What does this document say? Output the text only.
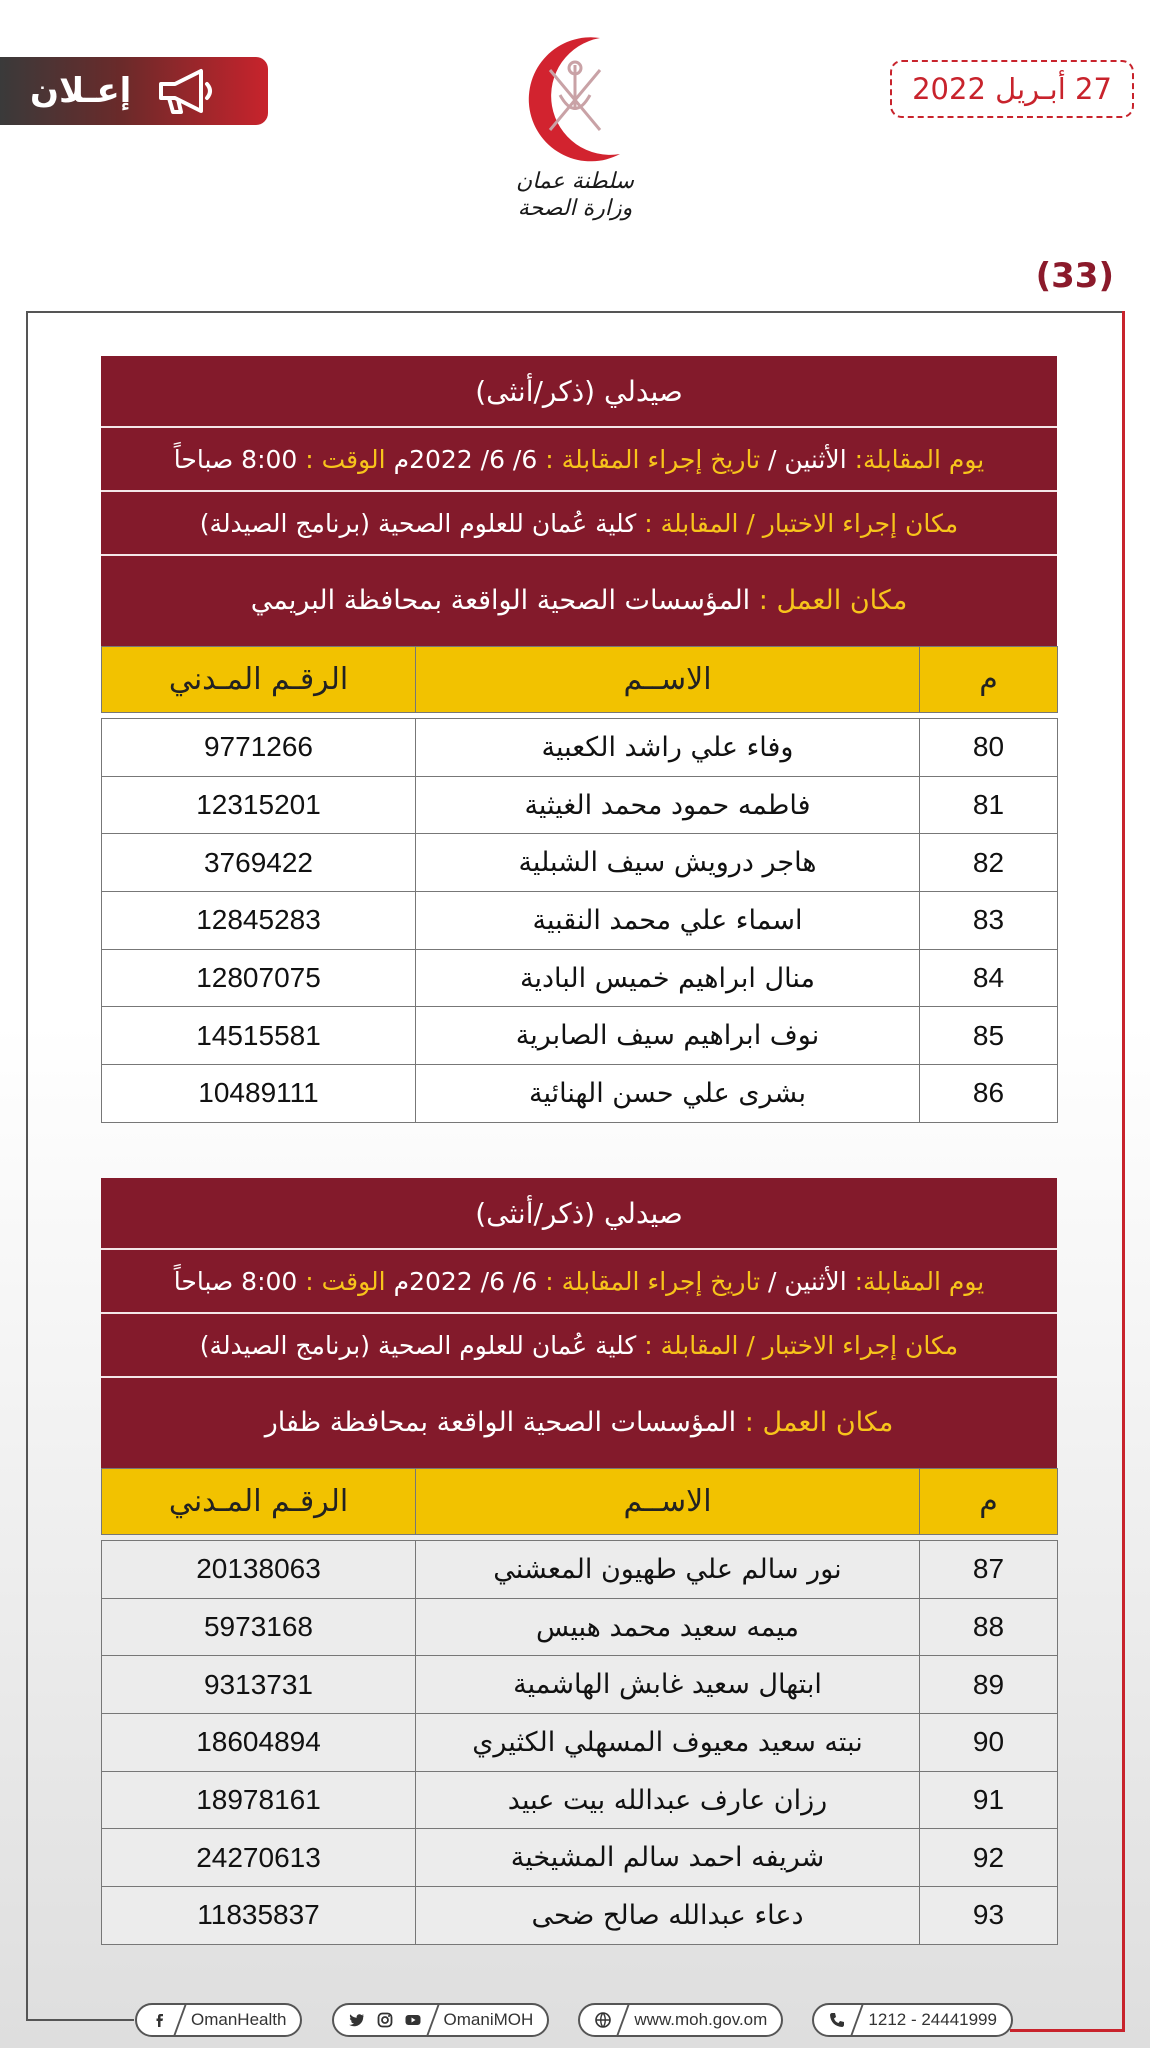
إعـلان	27 أبـريل 2022
سلطنة عمان
وزارة الصحة
(33)
صيدلي (ذكر/أنثى)
يوم المقابلة: الأثنين / تاريخ إجراء المقابلة : 6/ 6/ 2022م الوقت : 8:00 صباحاً
مكان إجراء الاختبار / المقابلة : كلية عُمان للعلوم الصحية (برنامج الصيدلة)
مكان العمل : المؤسسات الصحية الواقعة بمحافظة البريمي
م	الاســم	الرقـم المـدني

80	وفاء علي راشد الكعبية	9771266
81	فاطمه حمود محمد الغيثية	12315201
82	هاجر درويش سيف الشبلية	3769422
83	اسماء علي محمد النقبية	12845283
84	منال ابراهيم خميس البادية	12807075
85	نوف ابراهيم سيف الصابرية	14515581
86	بشرى علي حسن الهنائية	10489111
صيدلي (ذكر/أنثى)
يوم المقابلة: الأثنين / تاريخ إجراء المقابلة : 6/ 6/ 2022م الوقت : 8:00 صباحاً
مكان إجراء الاختبار / المقابلة : كلية عُمان للعلوم الصحية (برنامج الصيدلة)
مكان العمل : المؤسسات الصحية الواقعة بمحافظة ظفار
م	الاســم	الرقـم المـدني

87	نور سالم علي طهيون المعشني	20138063
88	ميمه سعيد محمد هبيس	5973168
89	ابتهال سعيد غابش الهاشمية	9313731
90	نبته سعيد معيوف المسهلي الكثيري	18604894
91	رزان عارف عبدالله بيت عبيد	18978161
92	شريفه احمد سالم المشيخية	24270613
93	دعاء عبدالله صالح ضحى	11835837
OmanHealth	OmaniMOH	www.moh.gov.om	1212 - 24441999
